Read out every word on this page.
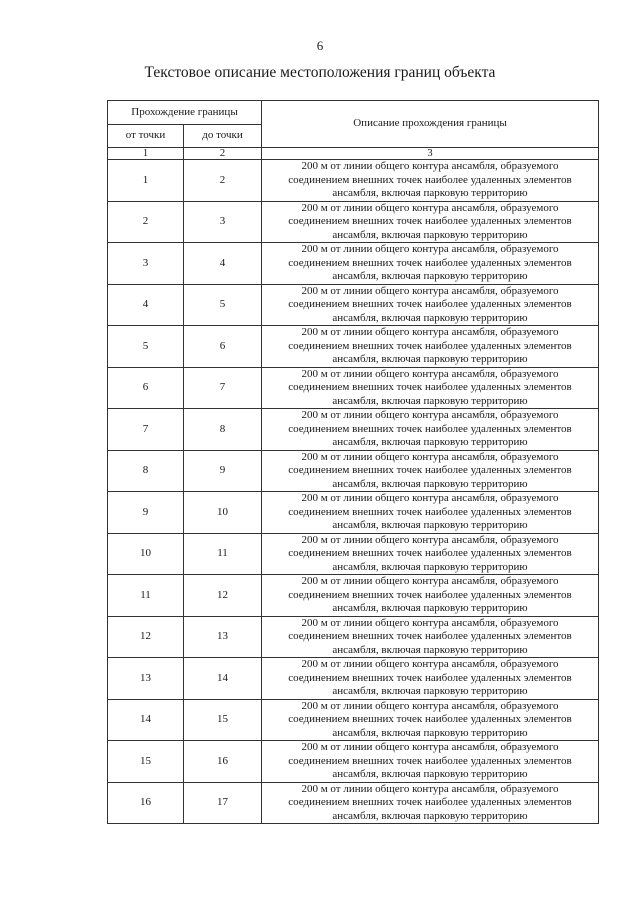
6
Текстовое описание местоположения границ объекта
Прохождение границы		Описание прохождения границы
от точки	до точки	
1	2	3
1	2	200 м от линии общего контура ансамбля, образуемого
соединением внешних точек наиболее удаленных элементов
ансамбля, включая парковую территорию

2	3	200 м от линии общего контура ансамбля, образуемого
соединением внешних точек наиболее удаленных элементов
ансамбля, включая парковую территорию

3	4	200 м от линии общего контура ансамбля, образуемого
соединением внешних точек наиболее удаленных элементов
ансамбля, включая парковую территорию

4	5	200 м от линии общего контура ансамбля, образуемого
соединением внешних точек наиболее удаленных элементов
ансамбля, включая парковую территорию

5	6	200 м от линии общего контура ансамбля, образуемого
соединением внешних точек наиболее удаленных элементов
ансамбля, включая парковую территорию

6	7	200 м от линии общего контура ансамбля, образуемого
соединением внешних точек наиболее удаленных элементов
ансамбля, включая парковую территорию

7	8	200 м от линии общего контура ансамбля, образуемого
соединением внешних точек наиболее удаленных элементов
ансамбля, включая парковую территорию

8	9	200 м от линии общего контура ансамбля, образуемого
соединением внешних точек наиболее удаленных элементов
ансамбля, включая парковую территорию

9	10	200 м от линии общего контура ансамбля, образуемого
соединением внешних точек наиболее удаленных элементов
ансамбля, включая парковую территорию

10	11	200 м от линии общего контура ансамбля, образуемого
соединением внешних точек наиболее удаленных элементов
ансамбля, включая парковую территорию

11	12	200 м от линии общего контура ансамбля, образуемого
соединением внешних точек наиболее удаленных элементов
ансамбля, включая парковую территорию

12	13	200 м от линии общего контура ансамбля, образуемого
соединением внешних точек наиболее удаленных элементов
ансамбля, включая парковую территорию

13	14	200 м от линии общего контура ансамбля, образуемого
соединением внешних точек наиболее удаленных элементов
ансамбля, включая парковую территорию

14	15	200 м от линии общего контура ансамбля, образуемого
соединением внешних точек наиболее удаленных элементов
ансамбля, включая парковую территорию

15	16	200 м от линии общего контура ансамбля, образуемого
соединением внешних точек наиболее удаленных элементов
ансамбля, включая парковую территорию

16	17	200 м от линии общего контура ансамбля, образуемого
соединением внешних точек наиболее удаленных элементов
ансамбля, включая парковую территорию
